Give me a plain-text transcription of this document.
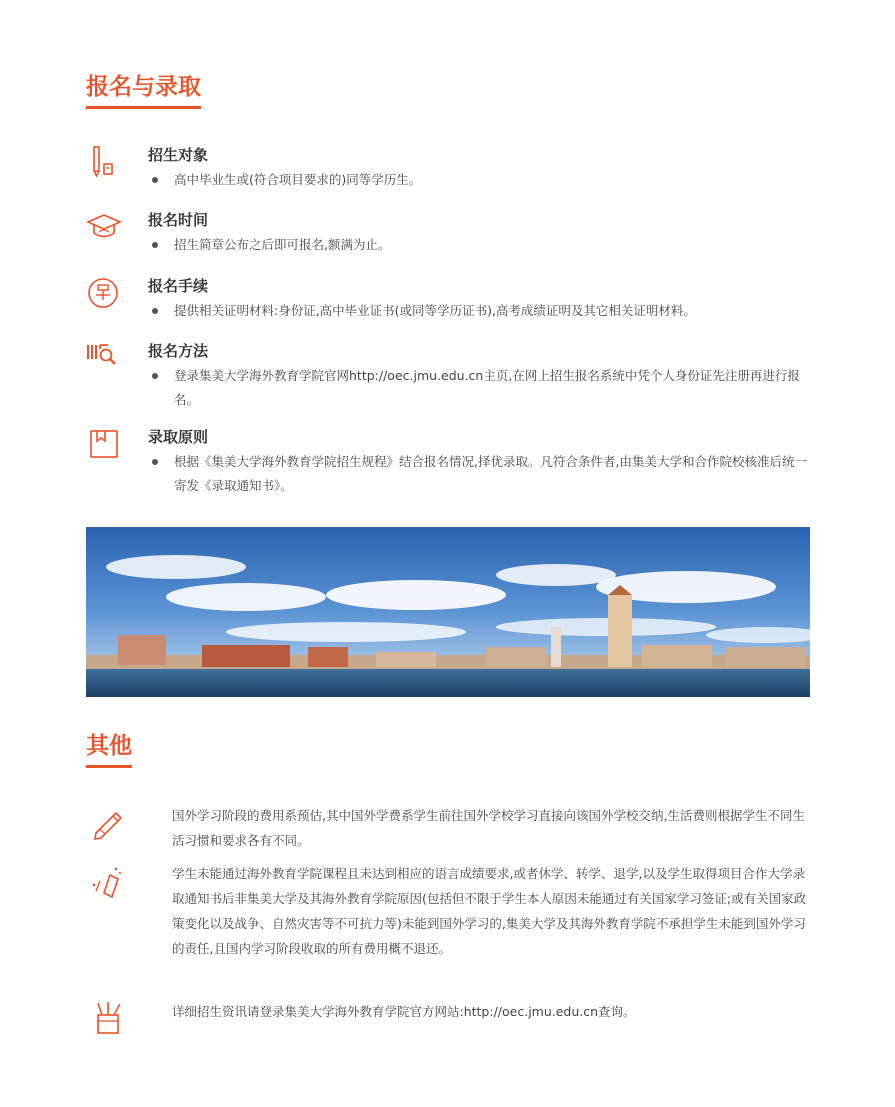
报名与录取
招生对象
高中毕业生或(符合项目要求的)同等学历生。
报名时间
招生简章公布之后即可报名,额满为止。
报名手续
提供相关证明材料:身份证,高中毕业证书(或同等学历证书),高考成绩证明及其它相关证明材料。
报名方法
登录集美大学海外教育学院官网http://oec.jmu.edu.cn主页,在网上招生报名系统中凭个人身份证先注册再进行报名。
录取原则
根据《集美大学海外教育学院招生规程》结合报名情况,择优录取。凡符合条件者,由集美大学和合作院校核准后统一寄发《录取通知书》。
其他
国外学习阶段的费用系预估,其中国外学费系学生前往国外学校学习直接向该国外学校交纳,生活费则根据学生不同生活习惯和要求各有不同。
学生未能通过海外教育学院课程且未达到相应的语言成绩要求,或者休学、转学、退学,以及学生取得项目合作大学录取通知书后非集美大学及其海外教育学院原因(包括但不限于学生本人原因未能通过有关国家学习签证;或有关国家政策变化以及战争、自然灾害等不可抗力等)未能到国外学习的,集美大学及其海外教育学院不承担学生未能到国外学习的责任,且国内学习阶段收取的所有费用概不退还。
详细招生资讯请登录集美大学海外教育学院官方网站:http://oec.jmu.edu.cn查询。
